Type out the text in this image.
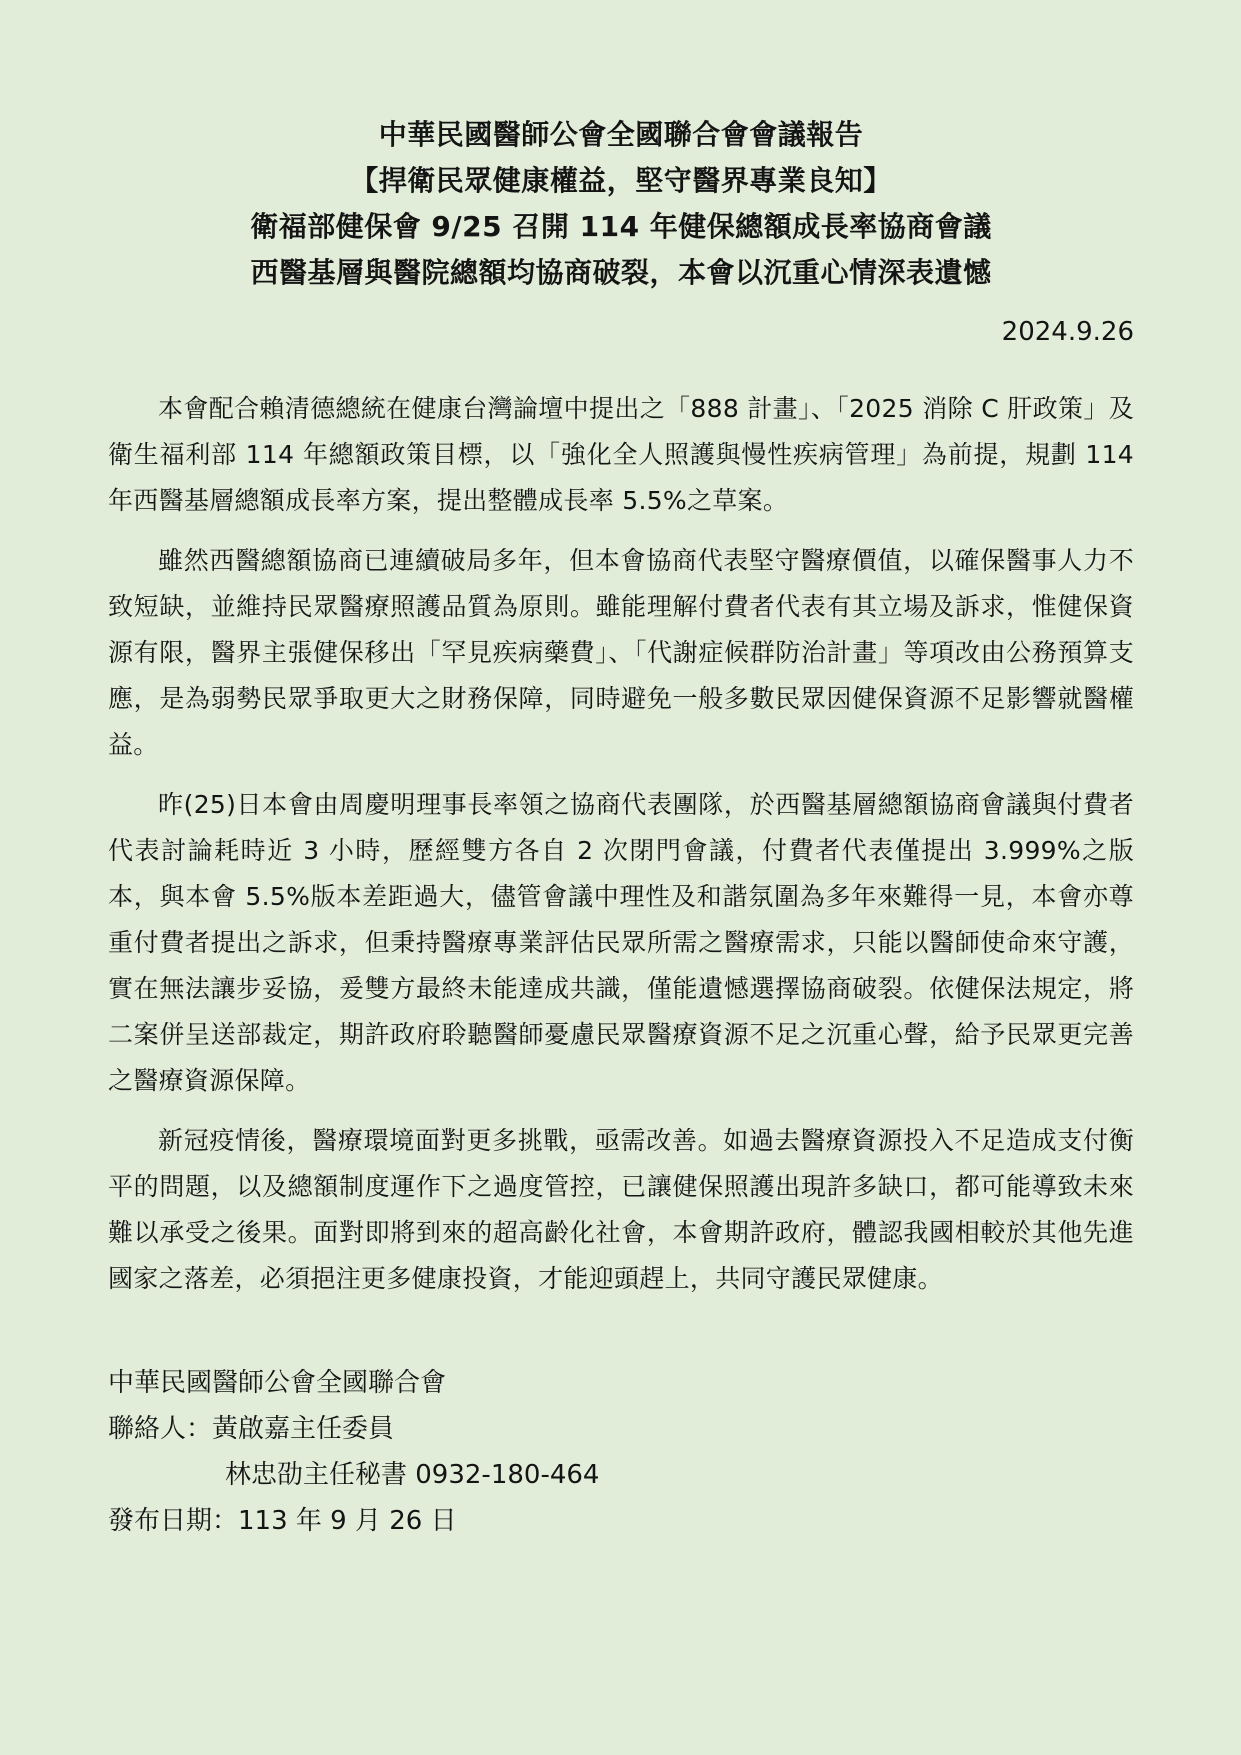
中華民國醫師公會全國聯合會會議報告
【捍衛民眾健康權益，堅守醫界專業良知】
衛福部健保會 9/25 召開 114 年健保總額成長率協商會議
西醫基層與醫院總額均協商破裂，本會以沉重心情深表遺憾
2024.9.26

本會配合賴清德總統在健康台灣論壇中提出之「888 計畫」、「2025 消除 C 肝政策」及衛生福利部 114 年總額政策目標，以「強化全人照護與慢性疾病管理」為前提，規劃 114 年西醫基層總額成長率方案，提出整體成長率 5.5%之草案。

雖然西醫總額協商已連續破局多年，但本會協商代表堅守醫療價值，以確保醫事人力不致短缺，並維持民眾醫療照護品質為原則。雖能理解付費者代表有其立場及訴求，惟健保資源有限，醫界主張健保移出「罕見疾病藥費」、「代謝症候群防治計畫」等項改由公務預算支應，是為弱勢民眾爭取更大之財務保障，同時避免一般多數民眾因健保資源不足影響就醫權益。

昨(25)日本會由周慶明理事長率領之協商代表團隊，於西醫基層總額協商會議與付費者代表討論耗時近 3 小時，歷經雙方各自 2 次閉門會議，付費者代表僅提出 3.999%之版本，與本會 5.5%版本差距過大，儘管會議中理性及和諧氛圍為多年來難得一見，本會亦尊重付費者提出之訴求，但秉持醫療專業評估民眾所需之醫療需求，只能以醫師使命來守護，實在無法讓步妥協，爰雙方最終未能達成共識，僅能遺憾選擇協商破裂。依健保法規定，將二案併呈送部裁定，期許政府聆聽醫師憂慮民眾醫療資源不足之沉重心聲，給予民眾更完善之醫療資源保障。

新冠疫情後，醫療環境面對更多挑戰，亟需改善。如過去醫療資源投入不足造成支付衡平的問題，以及總額制度運作下之過度管控，已讓健保照護出現許多缺口，都可能導致未來難以承受之後果。面對即將到來的超高齡化社會，本會期許政府，體認我國相較於其他先進國家之落差，必須挹注更多健康投資，才能迎頭趕上，共同守護民眾健康。

中華民國醫師公會全國聯合會
聯絡人：黃啟嘉主任委員
林忠劭主任秘書 0932-180-464
發布日期：113 年 9 月 26 日
